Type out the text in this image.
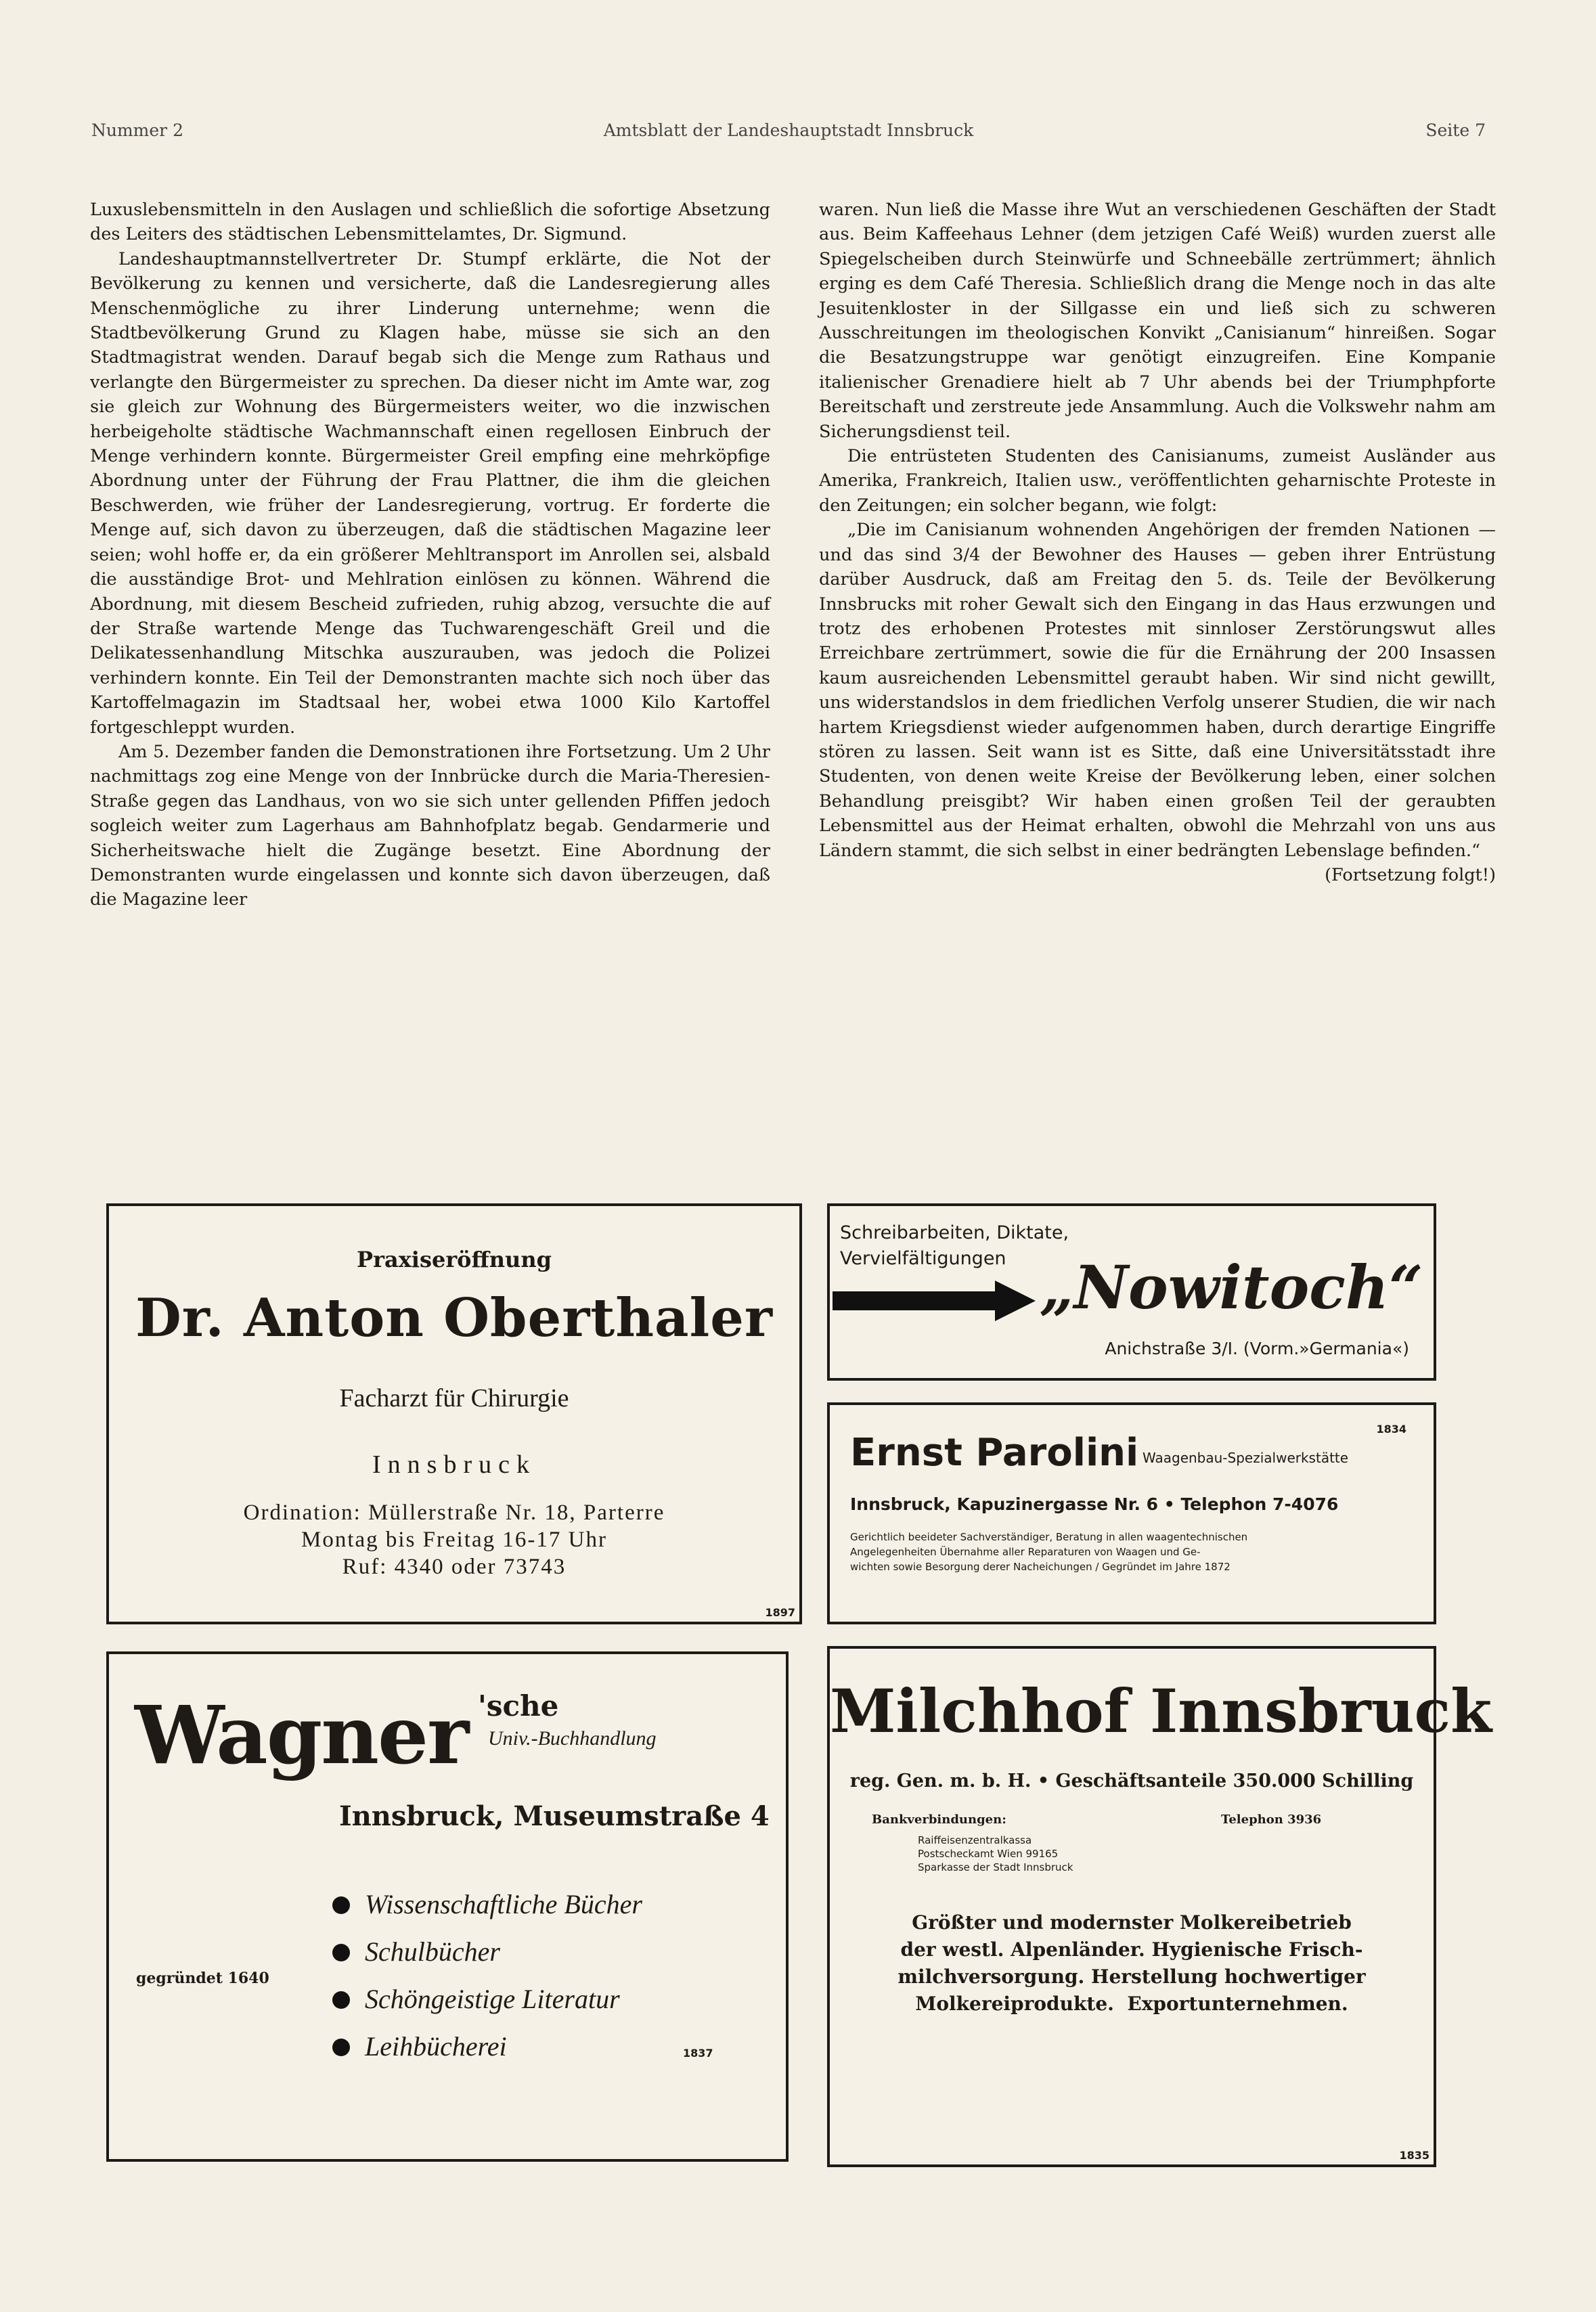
Nummer 2	Amtsblatt der Landeshauptstadt Innsbruck	Seite 7

Luxuslebensmitteln in den Auslagen und schließlich die sofortige Absetzung des Leiters des städtischen Lebensmittelamtes, Dr. Sigmund.

Landeshauptmannstellvertreter Dr. Stumpf erklärte, die Not der Bevölkerung zu kennen und versicherte, daß die Landesregierung alles Menschenmögliche zu ihrer Linderung unternehme; wenn die Stadtbevölkerung Grund zu Klagen habe, müsse sie sich an den Stadtmagistrat wenden. Darauf begab sich die Menge zum Rathaus und verlangte den Bürgermeister zu sprechen. Da dieser nicht im Amte war, zog sie gleich zur Wohnung des Bürgermeisters weiter, wo die inzwischen herbeigeholte städtische Wachmannschaft einen regellosen Einbruch der Menge verhindern konnte. Bürgermeister Greil empfing eine mehrköpfige Abordnung unter der Führung der Frau Plattner, die ihm die gleichen Beschwerden, wie früher der Landesregierung, vortrug. Er forderte die Menge auf, sich davon zu überzeugen, daß die städtischen Magazine leer seien; wohl hoffe er, da ein größerer Mehltransport im Anrollen sei, alsbald die ausständige Brot- und Mehlration einlösen zu können. Während die Abordnung, mit diesem Bescheid zufrieden, ruhig abzog, versuchte die auf der Straße wartende Menge das Tuchwarengeschäft Greil und die Delikatessenhandlung Mitschka auszurauben, was jedoch die Polizei verhindern konnte. Ein Teil der Demonstranten machte sich noch über das Kartoffelmagazin im Stadtsaal her, wobei etwa 1000 Kilo Kartoffel fortgeschleppt wurden.

Am 5. Dezember fanden die Demonstrationen ihre Fortsetzung. Um 2 Uhr nachmittags zog eine Menge von der Innbrücke durch die Maria-Theresien-Straße gegen das Landhaus, von wo sie sich unter gellenden Pfiffen jedoch sogleich weiter zum Lagerhaus am Bahnhofplatz begab. Gendarmerie und Sicherheitswache hielt die Zugänge besetzt. Eine Abordnung der Demonstranten wurde eingelassen und konnte sich davon überzeugen, daß die Magazine leer

waren. Nun ließ die Masse ihre Wut an verschiedenen Geschäften der Stadt aus. Beim Kaffeehaus Lehner (dem jetzigen Café Weiß) wurden zuerst alle Spiegelscheiben durch Steinwürfe und Schneebälle zertrümmert; ähnlich erging es dem Café Theresia. Schließlich drang die Menge noch in das alte Jesuitenkloster in der Sillgasse ein und ließ sich zu schweren Ausschreitungen im theologischen Konvikt „Canisianum“ hinreißen. Sogar die Besatzungstruppe war genötigt einzugreifen. Eine Kompanie italienischer Grenadiere hielt ab 7 Uhr abends bei der Triumphpforte Bereitschaft und zerstreute jede Ansammlung. Auch die Volkswehr nahm am Sicherungsdienst teil.

Die entrüsteten Studenten des Canisianums, zumeist Ausländer aus Amerika, Frankreich, Italien usw., veröffentlichten geharnischte Proteste in den Zeitungen; ein solcher begann, wie folgt:

„Die im Canisianum wohnenden Angehörigen der fremden Nationen — und das sind 3/4 der Bewohner des Hauses — geben ihrer Entrüstung darüber Ausdruck, daß am Freitag den 5. ds. Teile der Bevölkerung Innsbrucks mit roher Gewalt sich den Eingang in das Haus erzwungen und trotz des erhobenen Protestes mit sinnloser Zerstörungswut alles Erreichbare zertrümmert, sowie die für die Ernährung der 200 Insassen kaum ausreichenden Lebensmittel geraubt haben. Wir sind nicht gewillt, uns widerstandslos in dem friedlichen Verfolg unserer Studien, die wir nach hartem Kriegsdienst wieder aufgenommen haben, durch derartige Eingriffe stören zu lassen. Seit wann ist es Sitte, daß eine Universitätsstadt ihre Studenten, von denen weite Kreise der Bevölkerung leben, einer solchen Behandlung preisgibt? Wir haben einen großen Teil der geraubten Lebensmittel aus der Heimat erhalten, obwohl die Mehrzahl von uns aus Ländern stammt, die sich selbst in einer bedrängten Lebenslage befinden.“

(Fortsetzung folgt!)

Praxiseröffnung
Dr. Anton Oberthaler
Facharzt für Chirurgie
Innsbruck
Ordination: Müllerstraße Nr. 18, Parterre
Montag bis Freitag 16-17 Uhr
Ruf: 4340 oder 73743
1897
Schreibarbeiten, Diktate,
Vervielfältigungen „Nowitoch“
Anichstraße 3/I. (Vorm.»Germania«)
1834
Ernst Parolini Waagenbau-Spezialwerkstätte
Innsbruck, Kapuzinergasse Nr. 6 • Telephon 7-4076
Gerichtlich beeideter Sachverständiger, Beratung in allen waagentechnischen
Angelegenheiten Übernahme aller Reparaturen von Waagen und Ge-
wichten sowie Besorgung derer Nacheichungen / Gegründet im Jahre 1872
Wagner 'sche
Univ.-Buchhandlung
Innsbruck, Museumstraße 4
gegründet 1640
Wissenschaftliche Bücher
Schulbücher
Schöngeistige Literatur
Leihbücherei	1837
Milchhof Innsbruck
reg. Gen. m. b. H. • Geschäftsanteile 350.000 Schilling
Bankverbindungen:	Telephon 3936
Raiffeisenzentralkassa
Postscheckamt Wien 99165
Sparkasse der Stadt Innsbruck
Größter und modernster Molkereibetrieb
der westl. Alpenländer. Hygienische Frisch-
milchversorgung. Herstellung hochwertiger
Molkereiprodukte.  Exportunternehmen.
1835
